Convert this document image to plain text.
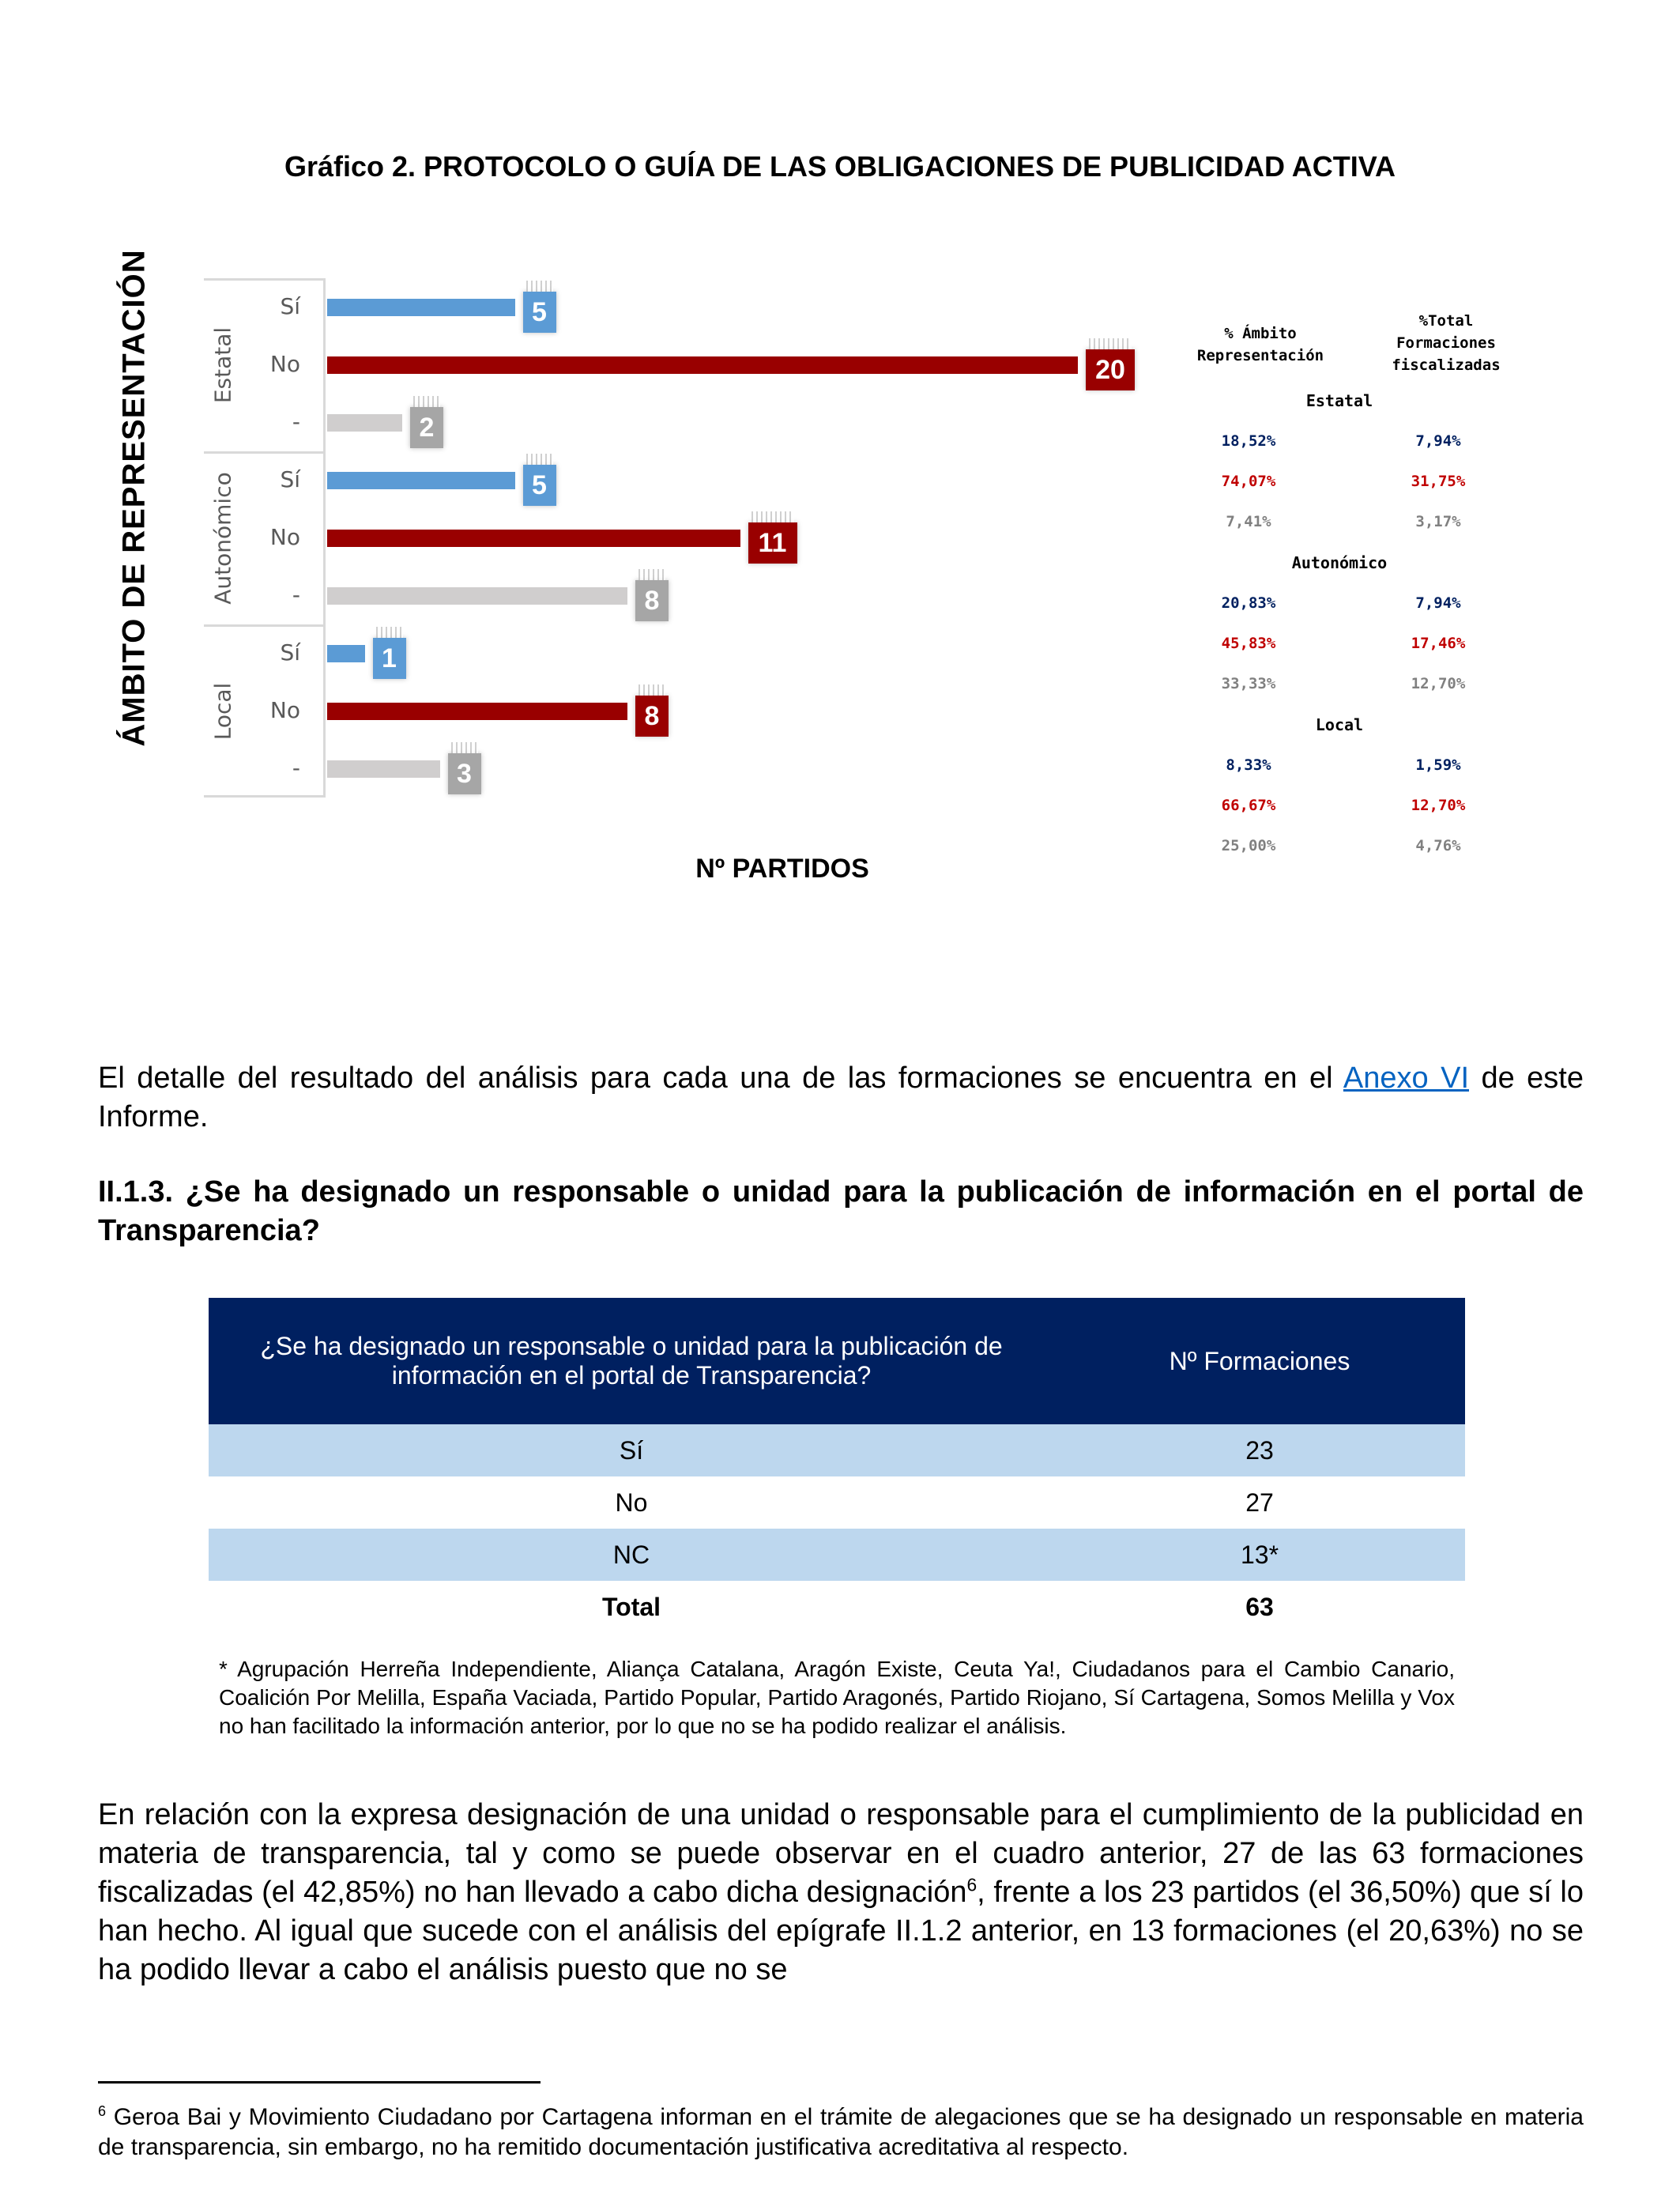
Gráfico 2. PROTOCOLO O GUÍA DE LAS OBLIGACIONES DE PUBLICIDAD ACTIVA
ÁMBITO DE REPRESENTACIÓN	Estatal
Sí	5
No	20
-	2
Autonómico	Sí	5
No	11
-	8
Local
Sí	1
No	8
-	3
Nº PARTIDOS
% Ámbito Representación
%Total Formaciones fiscalizadas
Estatal
18,52%	7,94%
74,07%	31,75%
7,41%	3,17%
Autonómico
20,83%	7,94%
45,83%	17,46%
33,33%	12,70%
Local
8,33%	1,59%
66,67%	12,70%
25,00%	4,76%
El detalle del resultado del análisis para cada una de las formaciones se encuentra en el Anexo VI de este Informe.
II.1.3. ¿Se ha designado un responsable o unidad para la publicación de información en el portal de Transparencia?
¿Se ha designado un responsable o unidad para la publicación de información en el portal de Transparencia?	Nº Formaciones
Sí	23
No	27
NC	13*
Total	63
* Agrupación Herreña Independiente, Aliança Catalana, Aragón Existe, Ceuta Ya!, Ciudadanos para el Cambio Canario, Coalición Por Melilla, España Vaciada, Partido Popular, Partido Aragonés, Partido Riojano, Sí Cartagena, Somos Melilla y Vox no han facilitado la información anterior, por lo que no se ha podido realizar el análisis.
En relación con la expresa designación de una unidad o responsable para el cumplimiento de la publicidad en materia de transparencia, tal y como se puede observar en el cuadro anterior, 27 de las 63 formaciones fiscalizadas (el 42,85%) no han llevado a cabo dicha designación$^6$, frente a los 23 partidos (el 36,50%) que sí lo han hecho. Al igual que sucede con el análisis del epígrafe II.1.2 anterior, en 13 formaciones (el 20,63%) no se ha podido llevar a cabo el análisis puesto que no se
$^6$ Geroa Bai y Movimiento Ciudadano por Cartagena informan en el trámite de alegaciones que se ha designado un responsable en materia de transparencia, sin embargo, no ha remitido documentación justificativa acreditativa al respecto.
